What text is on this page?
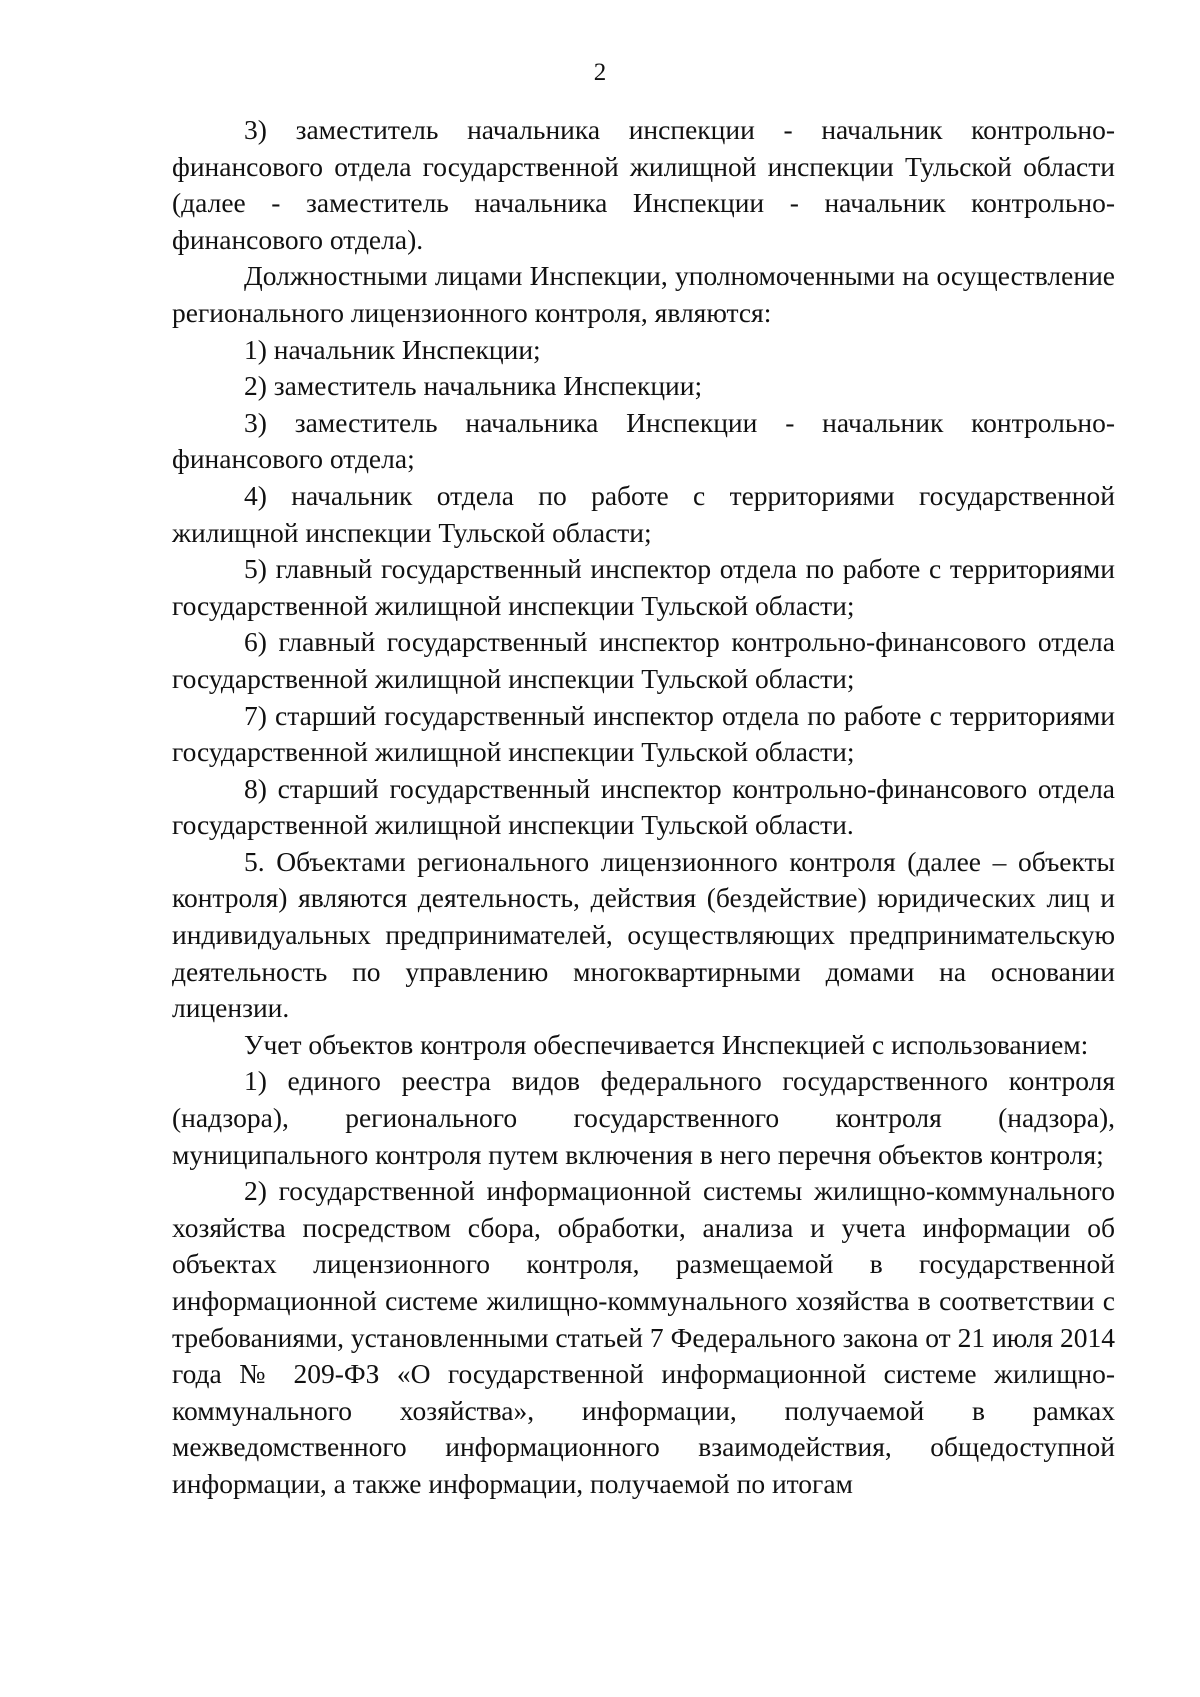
2

3) заместитель начальника инспекции - начальник контрольно-финансового отдела государственной жилищной инспекции Тульской области (далее - заместитель начальника Инспекции - начальник контрольно-финансового отдела).

Должностными лицами Инспекции, уполномоченными на осуществление регионального лицензионного контроля, являются:

1) начальник Инспекции;

2) заместитель начальника Инспекции;

3) заместитель начальника Инспекции - начальник контрольно-финансового отдела;

4) начальник отдела по работе с территориями государственной жилищной инспекции Тульской области;

5) главный государственный инспектор отдела по работе с территориями государственной жилищной инспекции Тульской области;

6) главный государственный инспектор контрольно-финансового отдела государственной жилищной инспекции Тульской области;

7) старший государственный инспектор отдела по работе с территориями государственной жилищной инспекции Тульской области;

8) старший государственный инспектор контрольно-финансового отдела государственной жилищной инспекции Тульской области.

5. Объектами регионального лицензионного контроля (далее – объекты контроля) являются деятельность, действия (бездействие) юридических лиц и индивидуальных предпринимателей, осуществляющих предпринимательскую деятельность по управлению многоквартирными домами на основании лицензии.

Учет объектов контроля обеспечивается Инспекцией с использованием:

1) единого реестра видов федерального государственного контроля (надзора), регионального государственного контроля (надзора), муниципального контроля путем включения в него перечня объектов контроля;

2) государственной информационной системы жилищно-коммунального хозяйства посредством сбора, обработки, анализа и учета информации об объектах лицензионного контроля, размещаемой в государственной информационной системе жилищно-коммунального хозяйства в соответствии с требованиями, установленными статьей 7 Федерального закона от 21 июля 2014 года № 209-ФЗ «О государственной информационной системе жилищно-коммунального хозяйства», информации, получаемой в рамках межведомственного информационного взаимодействия, общедоступной информации, а также информации, получаемой по итогам
